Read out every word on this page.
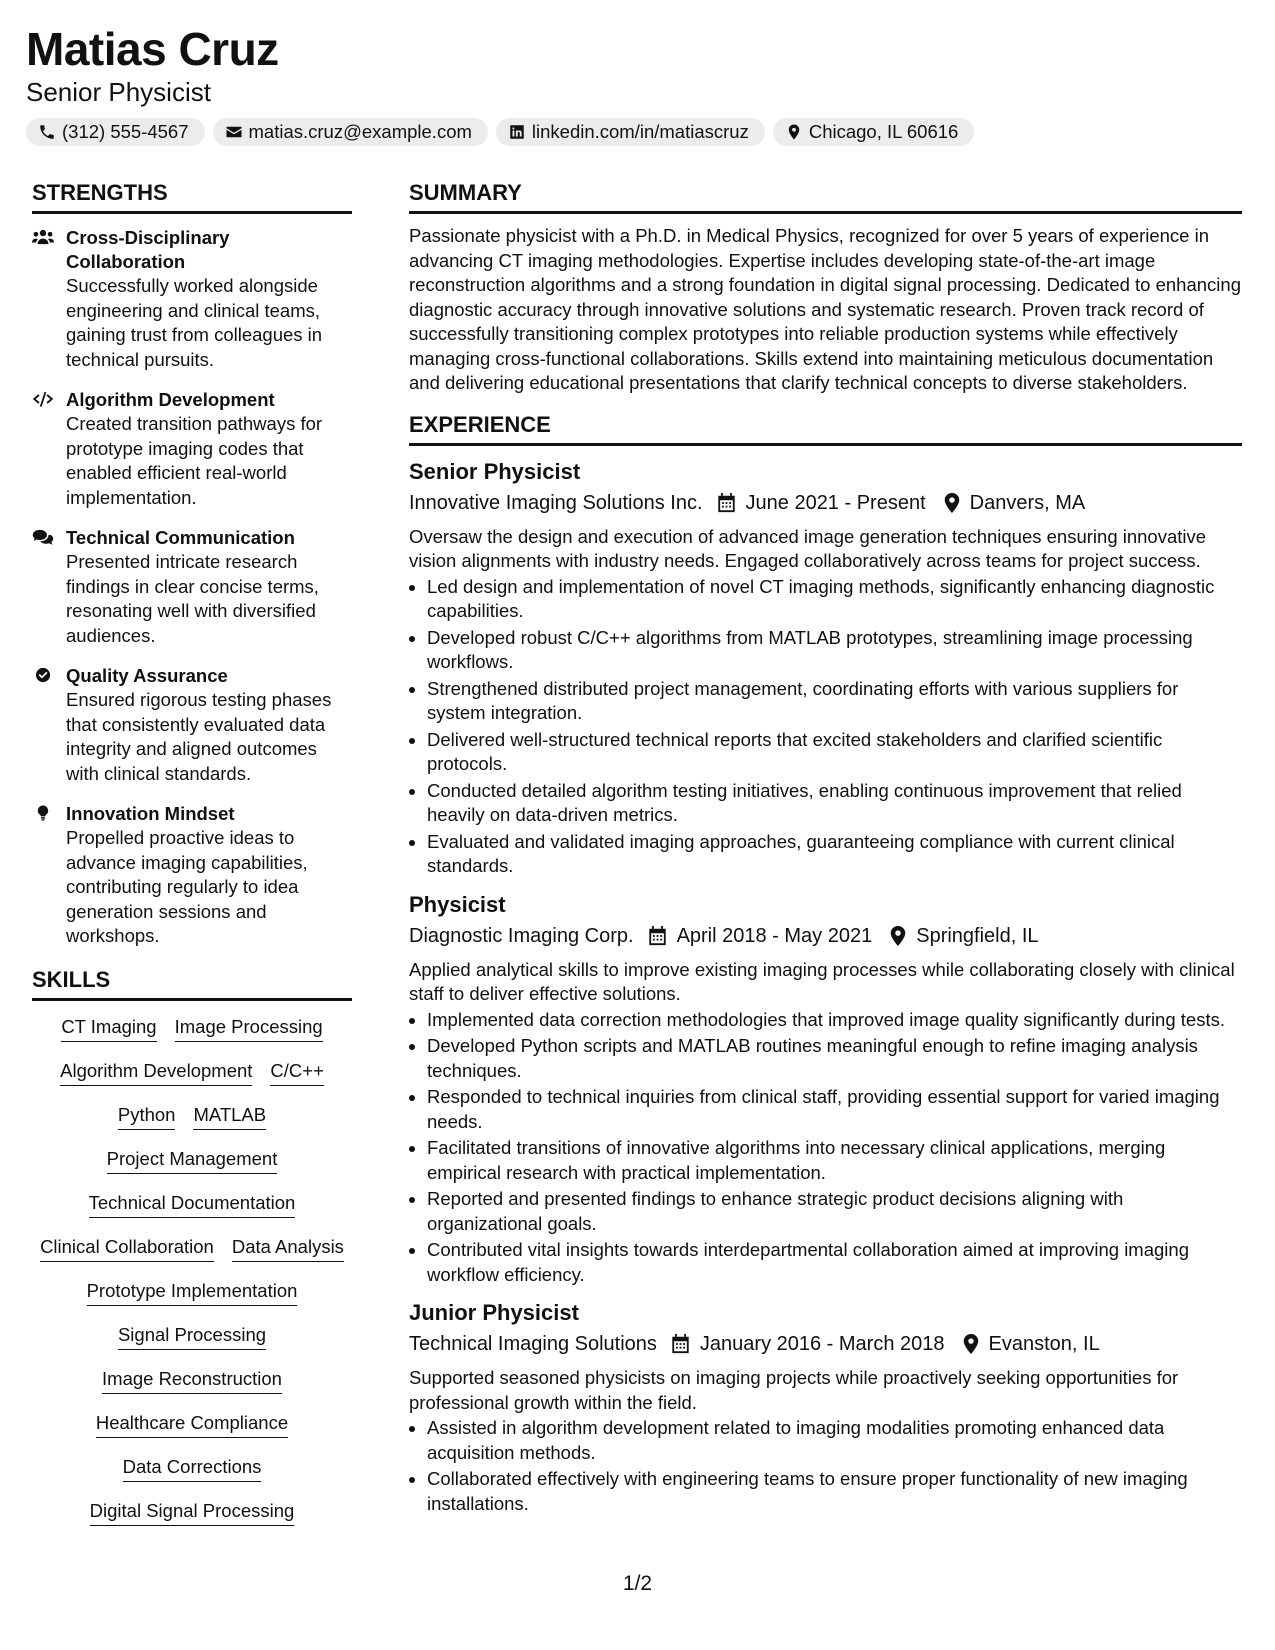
Matias Cruz
Senior Physicist
(312) 555-4567	matias.cruz@example.com	linkedin.com/in/matiascruz	Chicago, IL 60616
STRENGTHS
Cross-Disciplinary Collaboration
Successfully worked alongside engineering and clinical teams, gaining trust from colleagues in technical pursuits.
Algorithm Development
Created transition pathways for prototype imaging codes that enabled efficient real-world implementation.
Technical Communication
Presented intricate research findings in clear concise terms, resonating well with diversified audiences.
Quality Assurance
Ensured rigorous testing phases that consistently evaluated data integrity and aligned outcomes with clinical standards.
Innovation Mindset
Propelled proactive ideas to advance imaging capabilities, contributing regularly to idea generation sessions and workshops.
SKILLS
CT Imaging Image Processing
Algorithm Development C/C++
Python MATLAB
Project Management
Technical Documentation
Clinical Collaboration Data Analysis
Prototype Implementation
Signal Processing
Image Reconstruction
Healthcare Compliance
Data Corrections
Digital Signal Processing
SUMMARY
Passionate physicist with a Ph.D. in Medical Physics, recognized for over 5 years of experience in advancing CT imaging methodologies. Expertise includes developing state-of-the-art image reconstruction algorithms and a strong foundation in digital signal processing. Dedicated to enhancing diagnostic accuracy through innovative solutions and systematic research. Proven track record of successfully transitioning complex prototypes into reliable production systems while effectively managing cross-functional collaborations. Skills extend into maintaining meticulous documentation and delivering educational presentations that clarify technical concepts to diverse stakeholders.
EXPERIENCE
Senior Physicist
Innovative Imaging Solutions Inc. June 2021 - Present Danvers, MA
Oversaw the design and execution of advanced image generation techniques ensuring innovative vision alignments with industry needs. Engaged collaboratively across teams for project success.
• Led design and implementation of novel CT imaging methods, significantly enhancing diagnostic capabilities.
• Developed robust C/C++ algorithms from MATLAB prototypes, streamlining image processing workflows.
• Strengthened distributed project management, coordinating efforts with various suppliers for system integration.
• Delivered well-structured technical reports that excited stakeholders and clarified scientific protocols.
• Conducted detailed algorithm testing initiatives, enabling continuous improvement that relied heavily on data-driven metrics.
• Evaluated and validated imaging approaches, guaranteeing compliance with current clinical standards.
Physicist
Diagnostic Imaging Corp. April 2018 - May 2021 Springfield, IL
Applied analytical skills to improve existing imaging processes while collaborating closely with clinical staff to deliver effective solutions.
• Implemented data correction methodologies that improved image quality significantly during tests.
• Developed Python scripts and MATLAB routines meaningful enough to refine imaging analysis techniques.
• Responded to technical inquiries from clinical staff, providing essential support for varied imaging needs.
• Facilitated transitions of innovative algorithms into necessary clinical applications, merging empirical research with practical implementation.
• Reported and presented findings to enhance strategic product decisions aligning with organizational goals.
• Contributed vital insights towards interdepartmental collaboration aimed at improving imaging workflow efficiency.
Junior Physicist
Technical Imaging Solutions January 2016 - March 2018 Evanston, IL
Supported seasoned physicists on imaging projects while proactively seeking opportunities for professional growth within the field.
• Assisted in algorithm development related to imaging modalities promoting enhanced data acquisition methods.
• Collaborated effectively with engineering teams to ensure proper functionality of new imaging installations.
1/2
